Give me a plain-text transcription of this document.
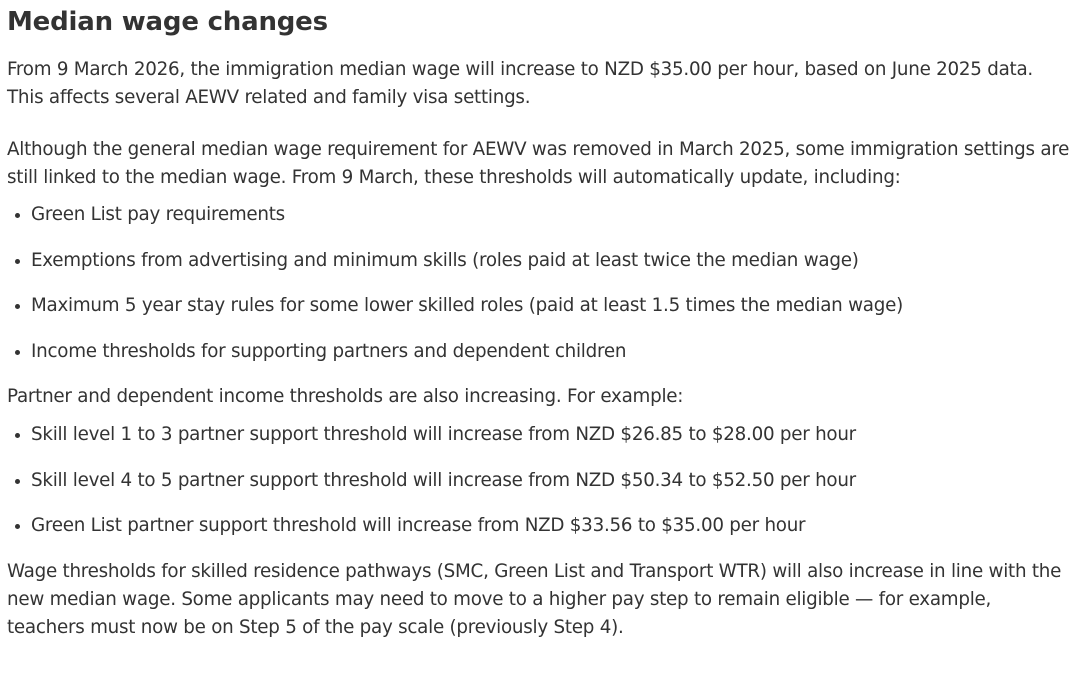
Median wage changes

From 9 March 2026, the immigration median wage will increase to NZD $35.00 per hour, based on June 2025 data. This affects several AEWV related and family visa settings.

Although the general median wage requirement for AEWV was removed in March 2025, some immigration settings are still linked to the median wage. From 9 March, these thresholds will automatically update, including:

Green List pay requirements
Exemptions from advertising and minimum skills (roles paid at least twice the median wage)
Maximum 5 year stay rules for some lower skilled roles (paid at least 1.5 times the median wage)
Income thresholds for supporting partners and dependent children

Partner and dependent income thresholds are also increasing. For example:

Skill level 1 to 3 partner support threshold will increase from NZD $26.85 to $28.00 per hour
Skill level 4 to 5 partner support threshold will increase from NZD $50.34 to $52.50 per hour
Green List partner support threshold will increase from NZD $33.56 to $35.00 per hour

Wage thresholds for skilled residence pathways (SMC, Green List and Transport WTR) will also increase in line with the new median wage. Some applicants may need to move to a higher pay step to remain eligible — for example, teachers must now be on Step 5 of the pay scale (previously Step 4).
